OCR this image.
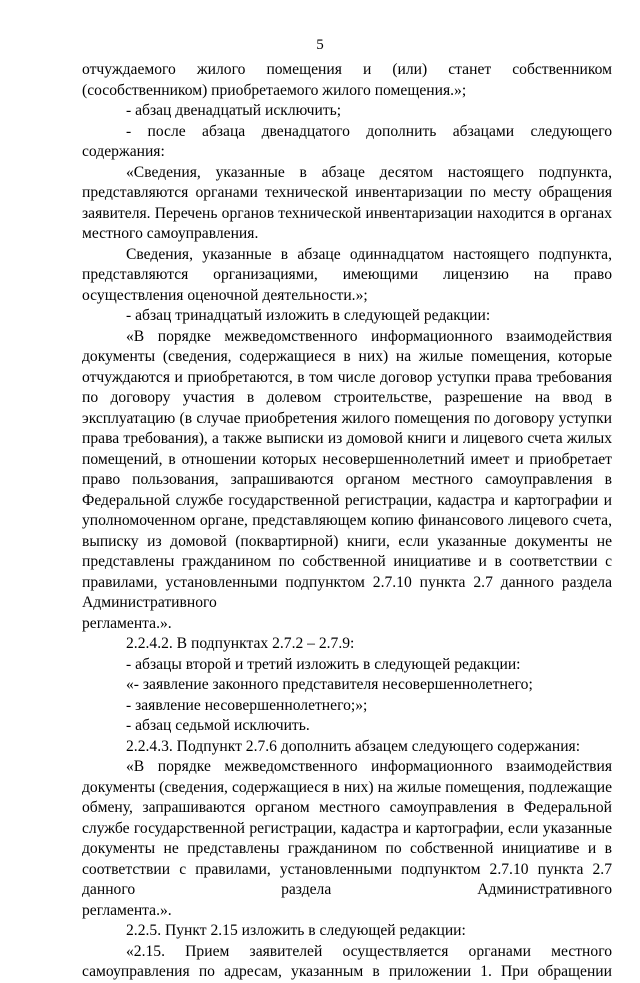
5

отчуждаемого жилого помещения и (или) станет собственником (сособственником) приобретаемого жилого помещения.»;

- абзац двенадцатый исключить;

- после абзаца двенадцатого дополнить абзацами следующего содержания:

«Сведения, указанные в абзаце десятом настоящего подпункта, представляются органами технической инвентаризации по месту обращения заявителя. Перечень органов технической инвентаризации находится в органах местного самоуправления.

Сведения, указанные в абзаце одиннадцатом настоящего подпункта, представляются организациями, имеющими лицензию на право осуществления оценочной деятельности.»;

- абзац тринадцатый изложить в следующей редакции:

«В порядке межведомственного информационного взаимодействия документы (сведения, содержащиеся в них) на жилые помещения, которые отчуждаются и приобретаются, в том числе договор уступки права требования по договору участия в долевом строительстве, разрешение на ввод в эксплуатацию (в случае приобретения жилого помещения по договору уступки права требования), а также выписки из домовой книги и лицевого счета жилых помещений, в отношении которых несовершеннолетний имеет и приобретает право пользования, запрашиваются органом местного самоуправления в Федеральной службе государственной регистрации, кадастра и картографии и уполномоченном органе, представляющем копию финансового лицевого счета, выписку из домовой (поквартирной) книги, если указанные документы не представлены гражданином по собственной инициативе и в соответствии с правилами, установленными подпунктом 2.7.10 пункта 2.7 данного раздела Административного

регламента.».

2.2.4.2. В подпунктах 2.7.2 – 2.7.9:

- абзацы второй и третий изложить в следующей редакции:

«- заявление законного представителя несовершеннолетнего;

- заявление несовершеннолетнего;»;

- абзац седьмой исключить.

2.2.4.3. Подпункт 2.7.6 дополнить абзацем следующего содержания:

«В порядке межведомственного информационного взаимодействия документы (сведения, содержащиеся в них) на жилые помещения, подлежащие обмену, запрашиваются органом местного самоуправления в Федеральной службе государственной регистрации, кадастра и картографии, если указанные документы не представлены гражданином по собственной инициативе и в соответствии с правилами, установленными подпунктом 2.7.10 пункта 2.7 данного раздела Административного

регламента.».

2.2.5. Пункт 2.15 изложить в следующей редакции:

«2.15. Прием заявителей осуществляется органами местного самоуправления по адресам, указанным в приложении 1. При обращении
